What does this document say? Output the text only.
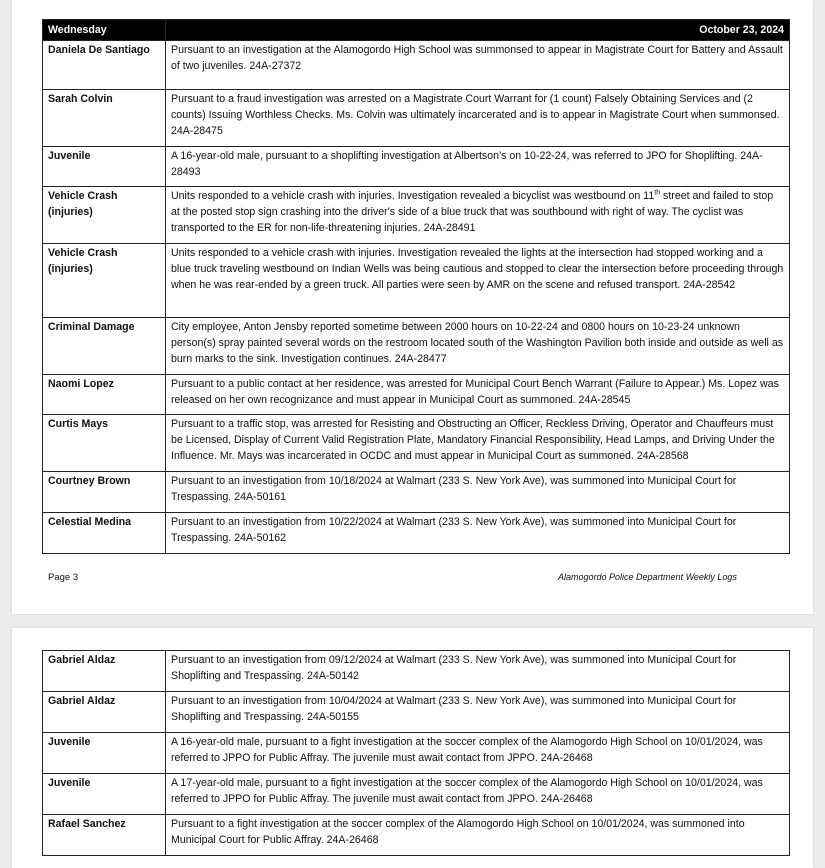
Wednesday	October 23, 2024
Daniela De Santiago	Pursuant to an investigation at the Alamogordo High School was summonsed to appear in Magistrate Court for Battery and Assault of two juveniles. 24A-27372
Sarah Colvin	Pursuant to a fraud investigation was arrested on a Magistrate Court Warrant for (1 count) Falsely Obtaining Services and (2 counts) Issuing Worthless Checks. Ms. Colvin was ultimately incarcerated and is to appear in Magistrate Court when summonsed. 24A-28475
Juvenile	A 16-year-old male, pursuant to a shoplifting investigation at Albertson’s on 10-22-24, was referred to JPO for Shoplifting. 24A-28493
Vehicle Crash (injuries)	Units responded to a vehicle crash with injuries. Investigation revealed a bicyclist was westbound on 11th street and failed to stop at the posted stop sign crashing into the driver's side of a blue truck that was southbound with right of way. The cyclist was transported to the ER for non-life-threatening injuries. 24A-28491
Vehicle Crash (injuries)	Units responded to a vehicle crash with injuries. Investigation revealed the lights at the intersection had stopped working and a blue truck traveling westbound on Indian Wells was being cautious and stopped to clear the intersection before proceeding through when he was rear-ended by a green truck. All parties were seen by AMR on the scene and refused transport. 24A-28542
Criminal Damage	City employee, Anton Jensby reported sometime between 2000 hours on 10-22-24 and 0800 hours on 10-23-24 unknown person(s) spray painted several words on the restroom located south of the Washington Pavilion both inside and outside as well as burn marks to the sink. Investigation continues. 24A-28477
Naomi Lopez	Pursuant to a public contact at her residence, was arrested for Municipal Court Bench Warrant (Failure to Appear.) Ms. Lopez was released on her own recognizance and must appear in Municipal Court as summoned. 24A-28545
Curtis Mays	Pursuant to a traffic stop, was arrested for Resisting and Obstructing an Officer, Reckless Driving, Operator and Chauffeurs must be Licensed, Display of Current Valid Registration Plate, Mandatory Financial Responsibility, Head Lamps, and Driving Under the Influence. Mr. Mays was incarcerated in OCDC and must appear in Municipal Court as summoned. 24A-28568
Courtney Brown	Pursuant to an investigation from 10/18/2024 at Walmart (233 S. New York Ave), was summoned into Municipal Court for Trespassing. 24A-50161
Celestial Medina	Pursuant to an investigation from 10/22/2024 at Walmart (233 S. New York Ave), was summoned into Municipal Court for Trespassing. 24A-50162
Page 3	Alamogordo Police Department Weekly Logs
Gabriel Aldaz	Pursuant to an investigation from 09/12/2024 at Walmart (233 S. New York Ave), was summoned into Municipal Court for Shoplifting and Trespassing. 24A-50142
Gabriel Aldaz	Pursuant to an investigation from 10/04/2024 at Walmart (233 S. New York Ave), was summoned into Municipal Court for Shoplifting and Trespassing. 24A-50155
Juvenile	A 16-year-old male, pursuant to a fight investigation at the soccer complex of the Alamogordo High School on 10/01/2024, was referred to JPPO for Public Affray. The juvenile must await contact from JPPO. 24A-26468
Juvenile	A 17-year-old male, pursuant to a fight investigation at the soccer complex of the Alamogordo High School on 10/01/2024, was referred to JPPO for Public Affray. The juvenile must await contact from JPPO. 24A-26468
Rafael Sanchez	Pursuant to a fight investigation at the soccer complex of the Alamogordo High School on 10/01/2024, was summoned into Municipal Court for Public Affray. 24A-26468
